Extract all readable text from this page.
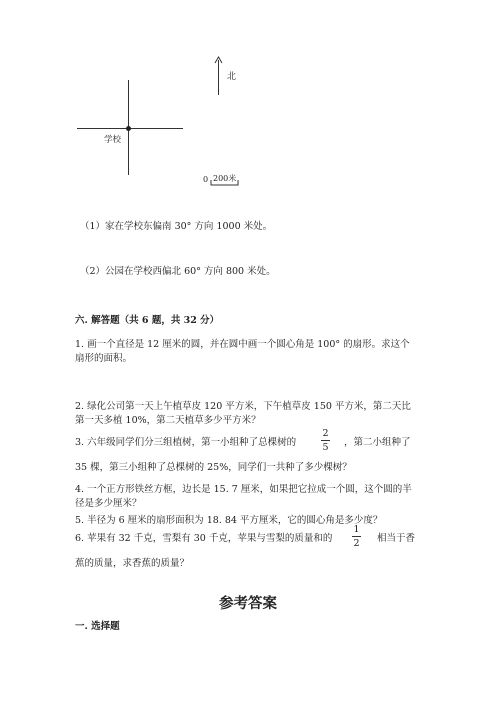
北
学校
0 200米
（1）家在学校东偏南 30° 方向 1000 米处。
（2）公园在学校西偏北 60° 方向 800 米处。
六. 解答题（共 6 题，共 32 分）
1. 画一个直径是 12 厘米的圆，并在圆中画一个圆心角是 100° 的扇形。求这个
扇形的面积。
2. 绿化公司第一天上午植草皮 120 平方米，下午植草皮 150 平方米，第二天比
第一天多植 10%，第二天植草多少平方米？
3. 六年级同学们分三组植树，第一小组种了总棵树的
2
5 ，第二小组种了
35 棵，第三小组种了总棵树的 25%，同学们一共种了多少棵树？
4. 一个正方形铁丝方框，边长是 15. 7 厘米，如果把它拉成一个圆，这个圆的半
径是多少厘米？
5. 半径为 6 厘米的扇形面积为 18. 84 平方厘米，它的圆心角是多少度？
6. 苹果有 32 千克，雪梨有 30 千克，苹果与雪梨的质量和的
1
2 相当于香
蕉的质量，求香蕉的质量？
参考答案
一. 选择题
